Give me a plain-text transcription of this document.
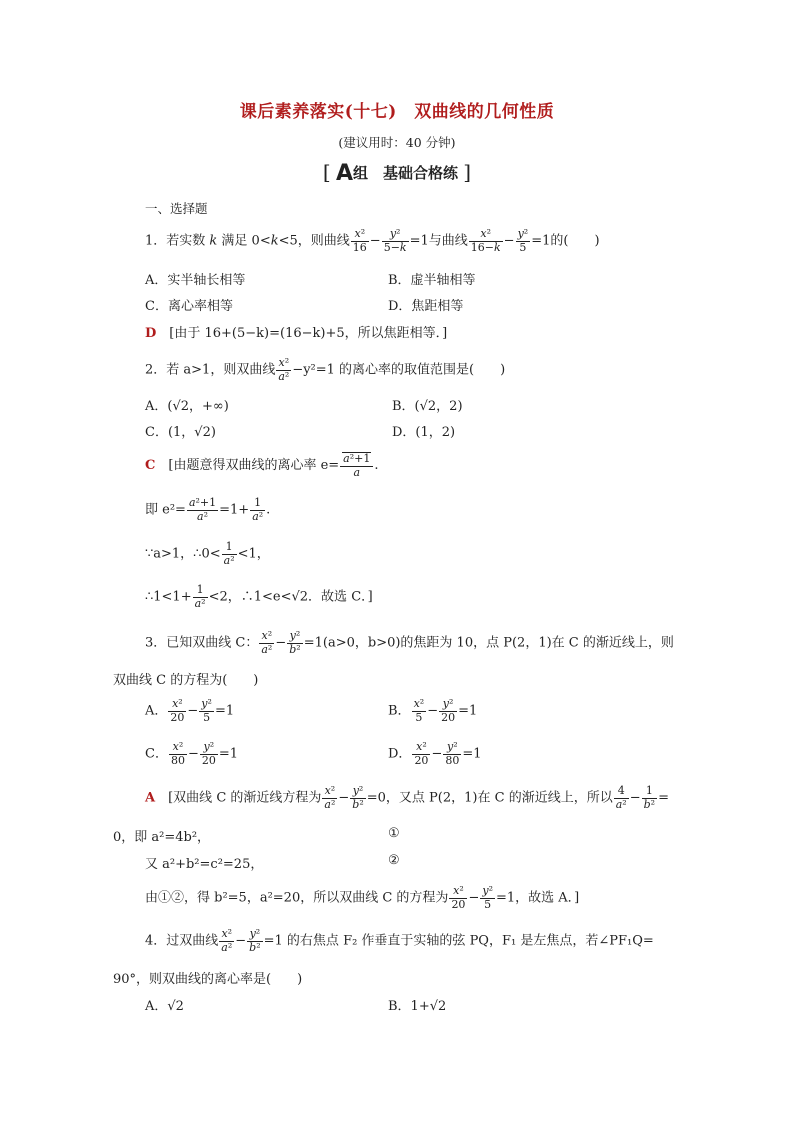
课后素养落实(十七)　双曲线的几何性质
(建议用时：40 分钟)
[ A组　基础合格练 ]
一、选择题
1．若实数 k 满足 0<k<5，则曲线 $\frac{\text{x²}}{16} - \frac{\text{y²}}{5-k} =1$与曲线 $\frac{\text{x²}}{16-k} - \frac{\text{y²}}{5} =1$的(　　)
A．实半轴长相等	B．虚半轴相等
C．离心率相等	D．焦距相等
D　 [由于 16+(5−k)=(16−k)+5，所以焦距相等．]
2．若 a>1，则双曲线 $\frac{\text{x²}}{\text{a²}} -y^2=1$ 的离心率的取值范围是(　　)
A．(√2，+∞)	B．(√2，2)
C．(1，√2)	D．(1，2)
C　 [由题意得双曲线的离心率 $e= \frac{\text{a²+1}}{a}$ .
即 $e^2= \frac{\text{a²+1}}{\text{a²}} =1+ \frac{1}{\text{a²}}$ .
∵a>1，∴0< $\frac{1}{\text{a²}} <1$，
∴1<1+ $\frac{1}{\text{a²}} <2$，∴1<e<√2．故选 C．]
3．已知双曲线 C： $\frac{\text{x²}}{\text{a²}} - \frac{\text{y²}}{\text{b²}} =1(a>0$，b>0)的焦距为 10，点 P(2，1)在 C 的渐近线上，则
双曲线 C 的方程为(　　)
A． $\frac{\text{x²}}{20} - \frac{\text{y²}}{5} =1$	B． $\frac{\text{x²}}{5} - \frac{\text{y²}}{20} =1$
C． $\frac{\text{x²}}{80} - \frac{\text{y²}}{20} =1$	D． $\frac{\text{x²}}{20} - \frac{\text{y²}}{80} =1$
A　 [双曲线 C 的渐近线方程为 $\frac{\text{x²}}{\text{a²}} - \frac{\text{y²}}{\text{b²}} =0$，又点 P(2，1)在 C 的渐近线上，所以 $\frac{4}{\text{a²}} - \frac{1}{\text{b²}}$ =
0，即 a²=4b²，	①
又 a²+b²=c²=25，	②
由①②，得 b²=5，a²=20，所以双曲线 C 的方程为 $\frac{\text{x²}}{20} - \frac{\text{y²}}{5} =1$，故选 A．]
4．过双曲线 $\frac{\text{x²}}{\text{a²}} - \frac{\text{y²}}{\text{b²}} =1$ 的右焦点 F₂ 作垂直于实轴的弦 PQ，F₁ 是左焦点，若∠PF₁Q=
90°，则双曲线的离心率是(　　)
A．√2	B．1+√2
